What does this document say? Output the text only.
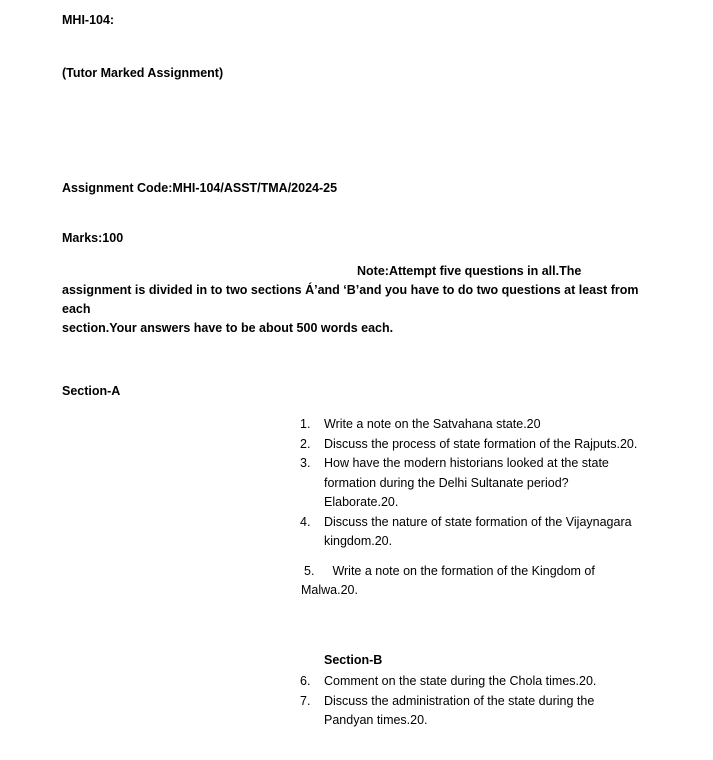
MHI-104:
(Tutor Marked Assignment)
Assignment Code:MHI-104/ASST/TMA/2024-25
Marks:100
Note:Attempt five questions in all.The
assignment is divided in to two sections Á’and ‘B’and you have to do two questions at least from each
section.Your answers have to be about 500 words each.
Section-A
1. Write a note on the Satvahana state.20
2. Discuss the process of state formation of the Rajputs.20.
3. How have the modern historians looked at the state formation during the Delhi Sultanate period?Elaborate.20.
4. Discuss the nature of state formation of the Vijaynagara kingdom.20.
5. Write a note on the formation of the Kingdom of
Malwa.20.
Section-B
6. Comment on the state during the Chola times.20.
7. Discuss the administration of the state during the Pandyan times.20.
